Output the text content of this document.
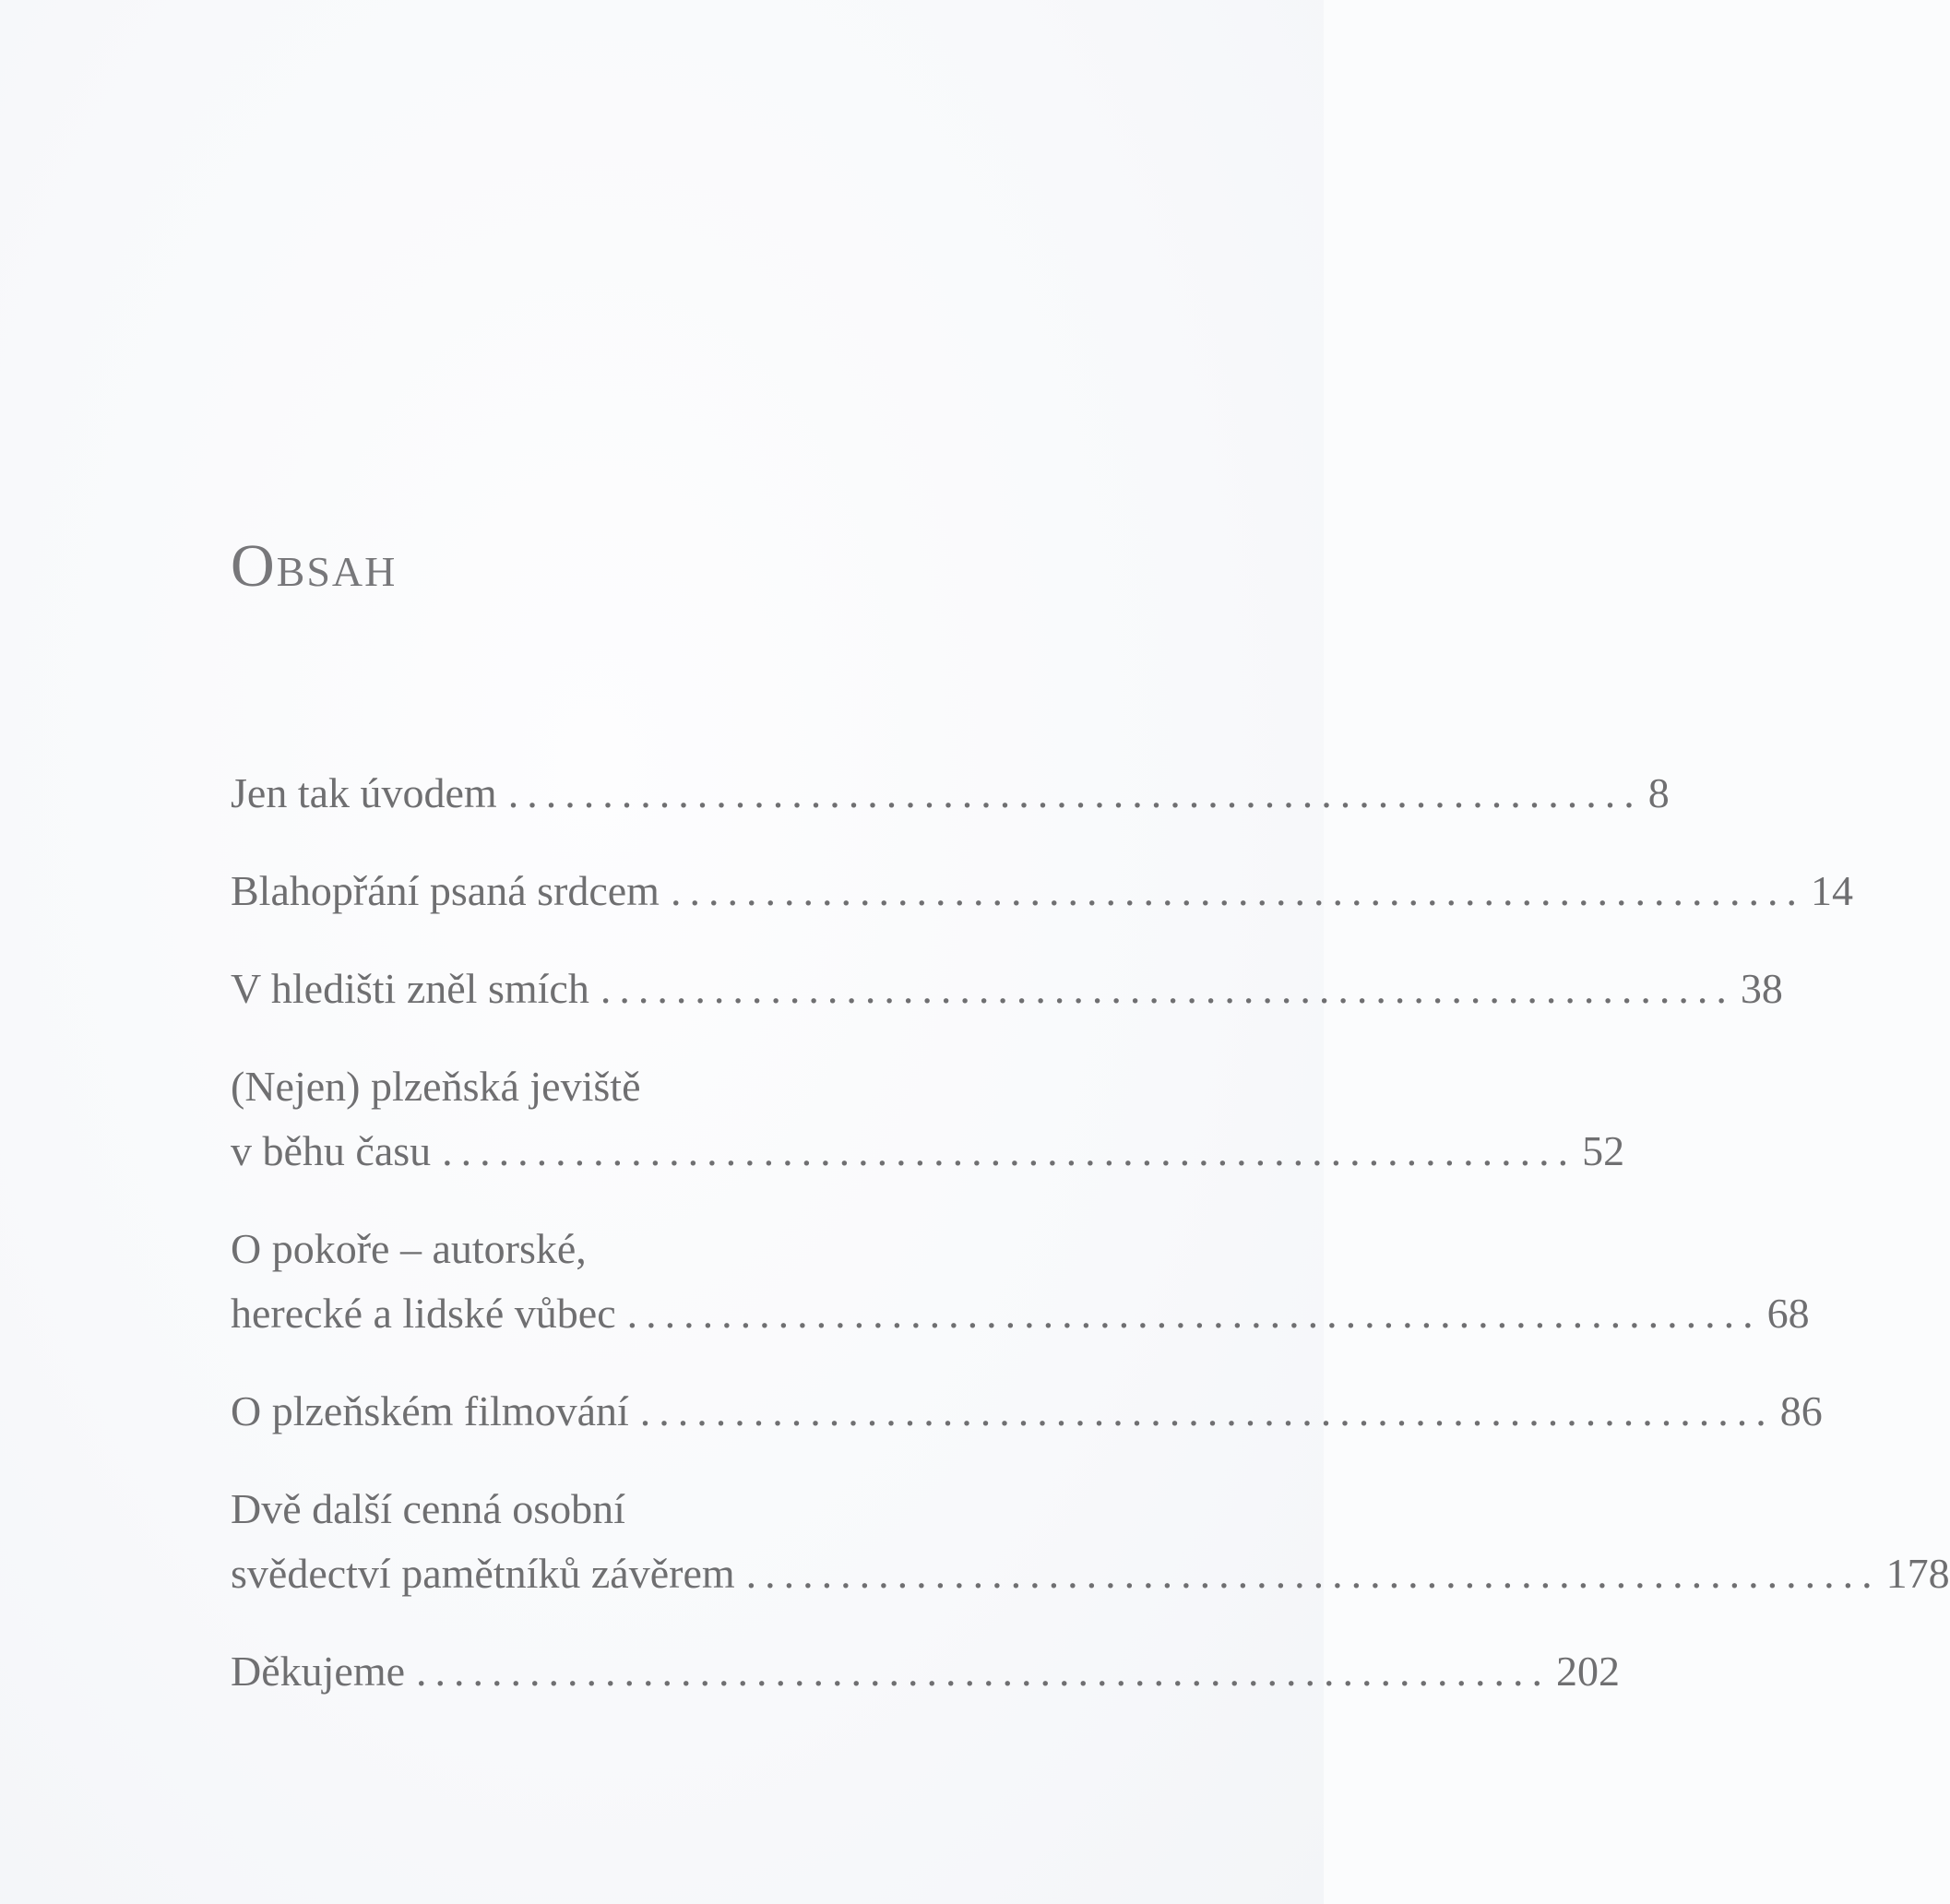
Obsah
Jen tak úvodem ............................................................ 8
Blahopřání psaná srdcem ............................................................ 14
V hledišti zněl smích ............................................................ 38
(Nejen) plzeňská jeviště
v běhu času ............................................................ 52
O pokoře – autorské,
herecké a lidské vůbec ............................................................ 68
O plzeňském filmování ............................................................ 86
Dvě další cenná osobní
svědectví pamětníků závěrem ............................................................ 178
Děkujeme ............................................................ 202
